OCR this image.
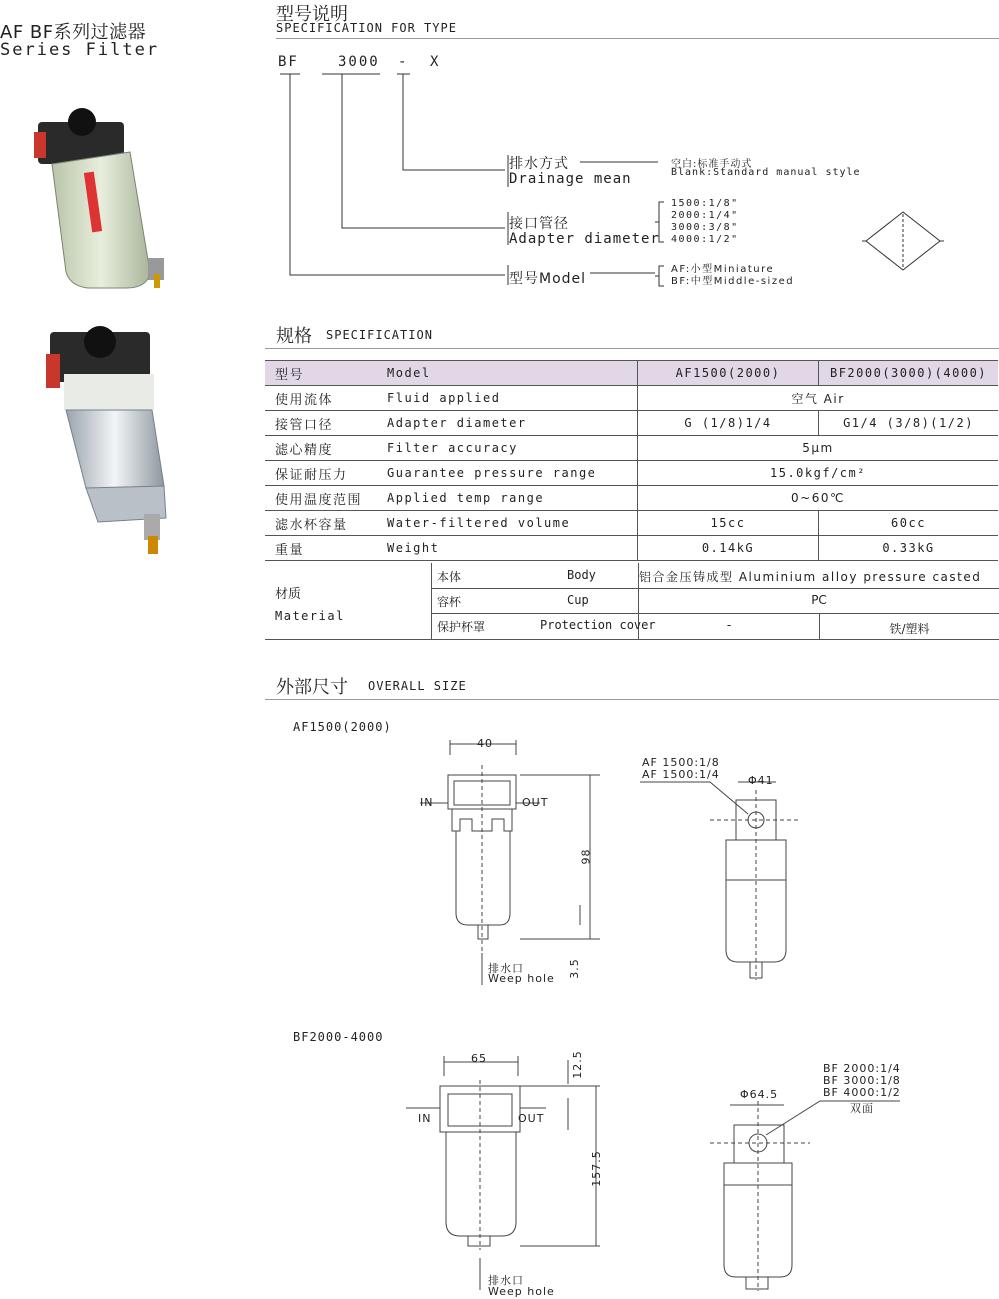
AF BF系列过滤器
Series Filter
型号说明
SPECIFICATION FOR TYPE
BF	3000 - X
排水方式
Drainage mean
空白:标准手动式
Blank:Standard manual style
接口管径
Adapter diameter
1500:1/8"
2000:1/4"
3000:3/8"
4000:1/2"
型号Model
AF:小型Miniature
BF:中型Middle-sized
规格 SPECIFICATION
型号	Model	AF1500(2000)	BF2000(3000)(4000)
使用流体	Fluid applied	空气 Air	
接管口径	Adapter diameter	G (1/8)1/4	G1/4 (3/8)(1/2)
滤心精度	Filter accuracy	5μm	
保证耐压力	Guarantee pressure range	15.0kgf/cm²	
使用温度范围	Applied temp range	0~60℃	
滤水杯容量	Water-filtered volume	15cc	60cc
重量	Weight	0.14kG	0.33kG
材质
Material
本体	Body	铝合金压铸成型 Aluminium alloy pressure casted
容杯	Cup	PC
保护杯罩	Protection cover	-	铁/塑料
外部尺寸 OVERALL SIZE
AF1500(2000)
40
IN	OUT
98
3.5
排水口
Weep hole
AF 1500:1/8
AF 1500:1/4	Φ41
BF2000-4000
65
IN	OUT
12.5
157.5
排水口
Weep hole
Φ64.5
BF 2000:1/4
BF 3000:1/8
BF 4000:1/2
双面
